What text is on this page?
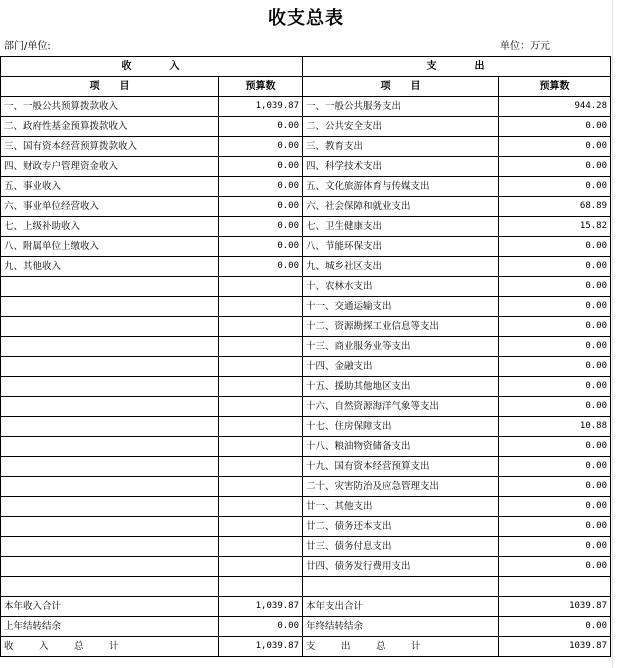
收支总表
部门/单位:	单位：万元
收　　　入		支　　　出	
项　　目	预算数	项　　目	预算数
一、一般公共预算拨款收入	1,039.87	一、一般公共服务支出	944.28
二、政府性基金预算拨款收入	0.00	二、公共安全支出	0.00
三、国有资本经营预算拨款收入	0.00	三、教育支出	0.00
四、财政专户管理资金收入	0.00	四、科学技术支出	0.00
五、事业收入	0.00	五、文化旅游体育与传媒支出	0.00
六、事业单位经营收入	0.00	六、社会保障和就业支出	68.89
七、上级补助收入	0.00	七、卫生健康支出	15.82
八、附属单位上缴收入	0.00	八、节能环保支出	0.00
九、其他收入	0.00	九、城乡社区支出	0.00
		十、农林水支出	0.00
		十一、交通运输支出	0.00
		十二、资源勘探工业信息等支出	0.00
		十三、商业服务业等支出	0.00
		十四、金融支出	0.00
		十五、援助其他地区支出	0.00
		十六、自然资源海洋气象等支出	0.00
		十七、住房保障支出	10.88
		十八、粮油物资储备支出	0.00
		十九、国有资本经营预算支出	0.00
		二十、灾害防治及应急管理支出	0.00
		廿一、其他支出	0.00
		廿二、债务还本支出	0.00
		廿三、债务付息支出	0.00
		廿四、债务发行费用支出	0.00

本年收入合计	1,039.87	本年支出合计	1039.87
上年结转结余	0.00	年终结转结余	0.00
收　入　总　计	1,039.87	支　出　总　计	1039.87
